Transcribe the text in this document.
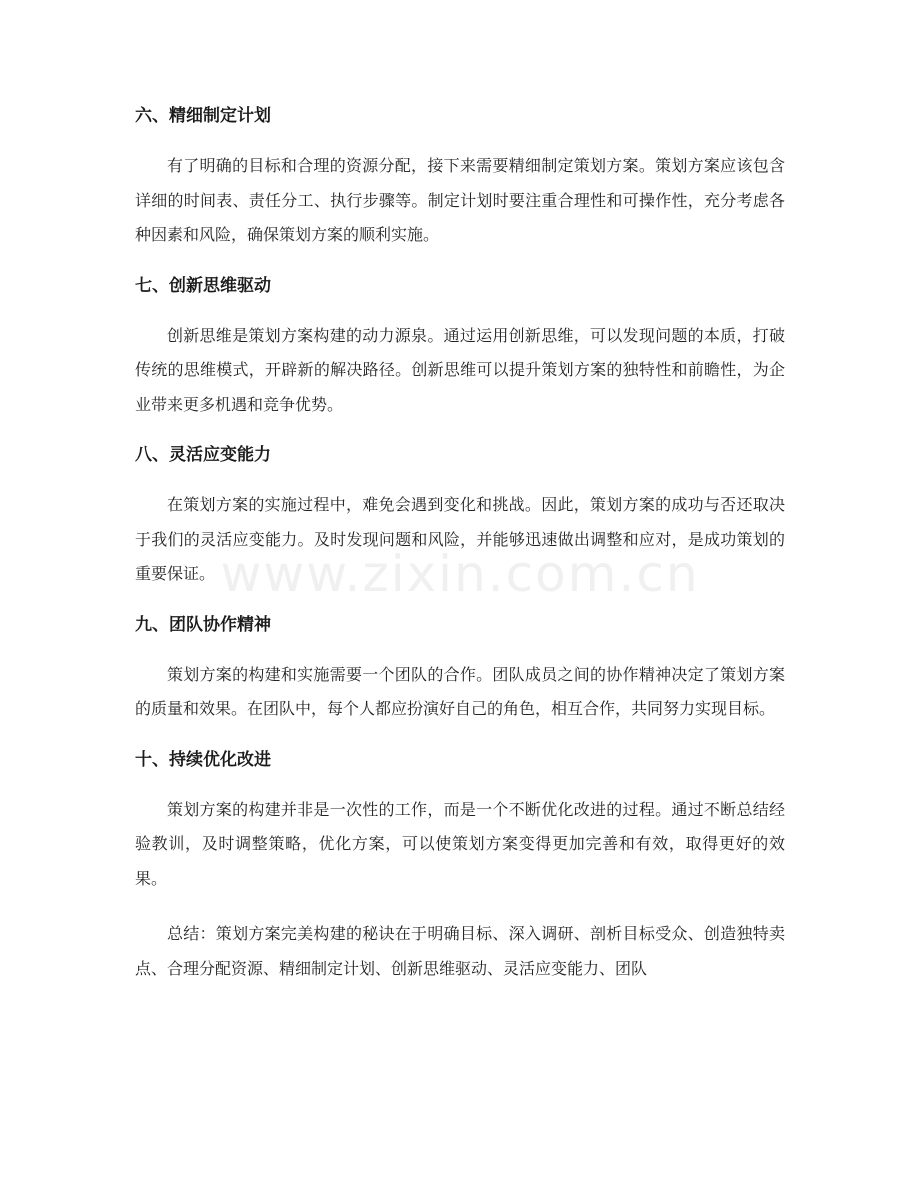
六、精细制定计划

有了明确的目标和合理的资源分配，接下来需要精细制定策划方案。策划方案应该包含详细的时间表、责任分工、执行步骤等。制定计划时要注重合理性和可操作性，充分考虑各种因素和风险，确保策划方案的顺利实施。

七、创新思维驱动

创新思维是策划方案构建的动力源泉。通过运用创新思维，可以发现问题的本质，打破传统的思维模式，开辟新的解决路径。创新思维可以提升策划方案的独特性和前瞻性，为企业带来更多机遇和竞争优势。

八、灵活应变能力

在策划方案的实施过程中，难免会遇到变化和挑战。因此，策划方案的成功与否还取决于我们的灵活应变能力。及时发现问题和风险，并能够迅速做出调整和应对，是成功策划的重要保证。

九、团队协作精神

策划方案的构建和实施需要一个团队的合作。团队成员之间的协作精神决定了策划方案的质量和效果。在团队中，每个人都应扮演好自己的角色，相互合作，共同努力实现目标。

十、持续优化改进

策划方案的构建并非是一次性的工作，而是一个不断优化改进的过程。通过不断总结经验教训，及时调整策略，优化方案，可以使策划方案变得更加完善和有效，取得更好的效果。

总结：策划方案完美构建的秘诀在于明确目标、深入调研、剖析目标受众、创造独特卖点、合理分配资源、精细制定计划、创新思维驱动、灵活应变能力、团队

www.zixin.com.cn
